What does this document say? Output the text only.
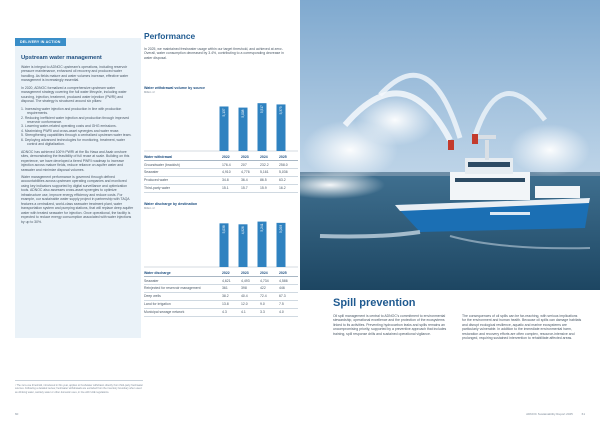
DELIVERY IN ACTION
Upstream water management

Water is integral to ADNOC upstream's operations, including reservoir pressure maintenance, enhanced oil recovery and produced water handling. As fields mature and water volumes increase, effective water management is increasingly essential.

In 2020, ADNOC formalized a comprehensive upstream water management strategy covering the full water lifecycle, including water sourcing, injection, treatment, produced water injection (PWRI) and disposal. The strategy is structured around six pillars:

1. Increasing water injection and production in line with production requirements.
2. Reducing inefficient water injection and production through improved reservoir conformance.
3. Lowering water-related operating costs and GHG emissions.
4. Maximizing PWRI and cross-asset synergies and water reuse.
5. Strengthening capabilities through a centralized upstream water team.
6. Deploying advanced technologies for monitoring, treatment, water control and digitalization.

ADNOC has achieved 100% PWRI at the Bu Hasa and Asab onshore sites, demonstrating the feasibility of full reuse at scale. Building on this experience, we have developed a tiered PWRI roadmap to increase injection across mature fields, reduce reliance on aquifer water and seawater and minimize disposal volumes.

Water management performance is governed through defined accountabilities across upstream operating companies and monitored using key indicators supported by digital surveillance and optimization tools. ADNOC also assesses cross-asset synergies to optimize infrastructure use, improve energy efficiency and reduce costs. For example, our sustainable water supply project in partnership with TAQA features a centralized, world-class seawater treatment plant, water transportation system and pumping stations, that will replace deep aquifer water with treated seawater for injection. Once operational, the facility is expected to reduce energy consumption associated with water injections by up to 30%.

Performance
In 2025, we maintained freshwater usage within our target threshold, and achieved at zero¹. Overall, water consumption decreased by 3.4%, contributing to a corresponding decrease in water disposal.
Water withdrawal volume by source
Million m³
5,137	5,008
5,517	5,373
Water withdrawal	2022	2023	2024	2025
Groundwater (brackish)	176.4	207	232.2	258.0
Seawater	4,910	4,776	5,161	5,036
Produced water	34.8	36.4	86.5	63.2
Third-party water	15.1	15.7	15.9	16.2
Water discharge by destination
Million m³
5,038	4,926	5,241	5,093
Water discharge	2022	2023	2024	2025
Seawater	4,621	4,493	4,734	4,586
Reinjected for reservoir management	361	398	422	446
Deep wells	38.2	40.4	72.4	67.3
Land for irrigation	13.8	12.0	9.0	7.5
Municipal sewage network	4.3	4.1	3.3	4.0
Spill prevention
Oil spill management is central to ADNOC's commitment to environmental stewardship, operational excellence and the protection of the ecosystems linked to its activities. Preventing hydrocarbon leaks and spills remains an uncompromising priority, supported by a preventive approach that includes training, spill response drills and sustained operational vigilance.
The consequences of oil spills can be far-reaching, with serious implications for the environment and human health. Because oil spills can damage habitats and disrupt ecological resilience, aquatic and marine ecosystems are particularly vulnerable. In addition to the immediate environmental harm, restoration and recovery efforts are often complex, resource-intensive and prolonged, requiring sustained intervention to rehabilitate affected areas.
¹ The zero-use threshold, introduced in this year, applies to freshwater withdrawn directly from third-party freshwater sources. Following a detailed review, freshwater withdrawals are excluded from the inventory boundary when used as drinking water, sanitary water or other domestic uses, in line with UAE regulations.
60	ADNOC Sustainability Report 2025	61
